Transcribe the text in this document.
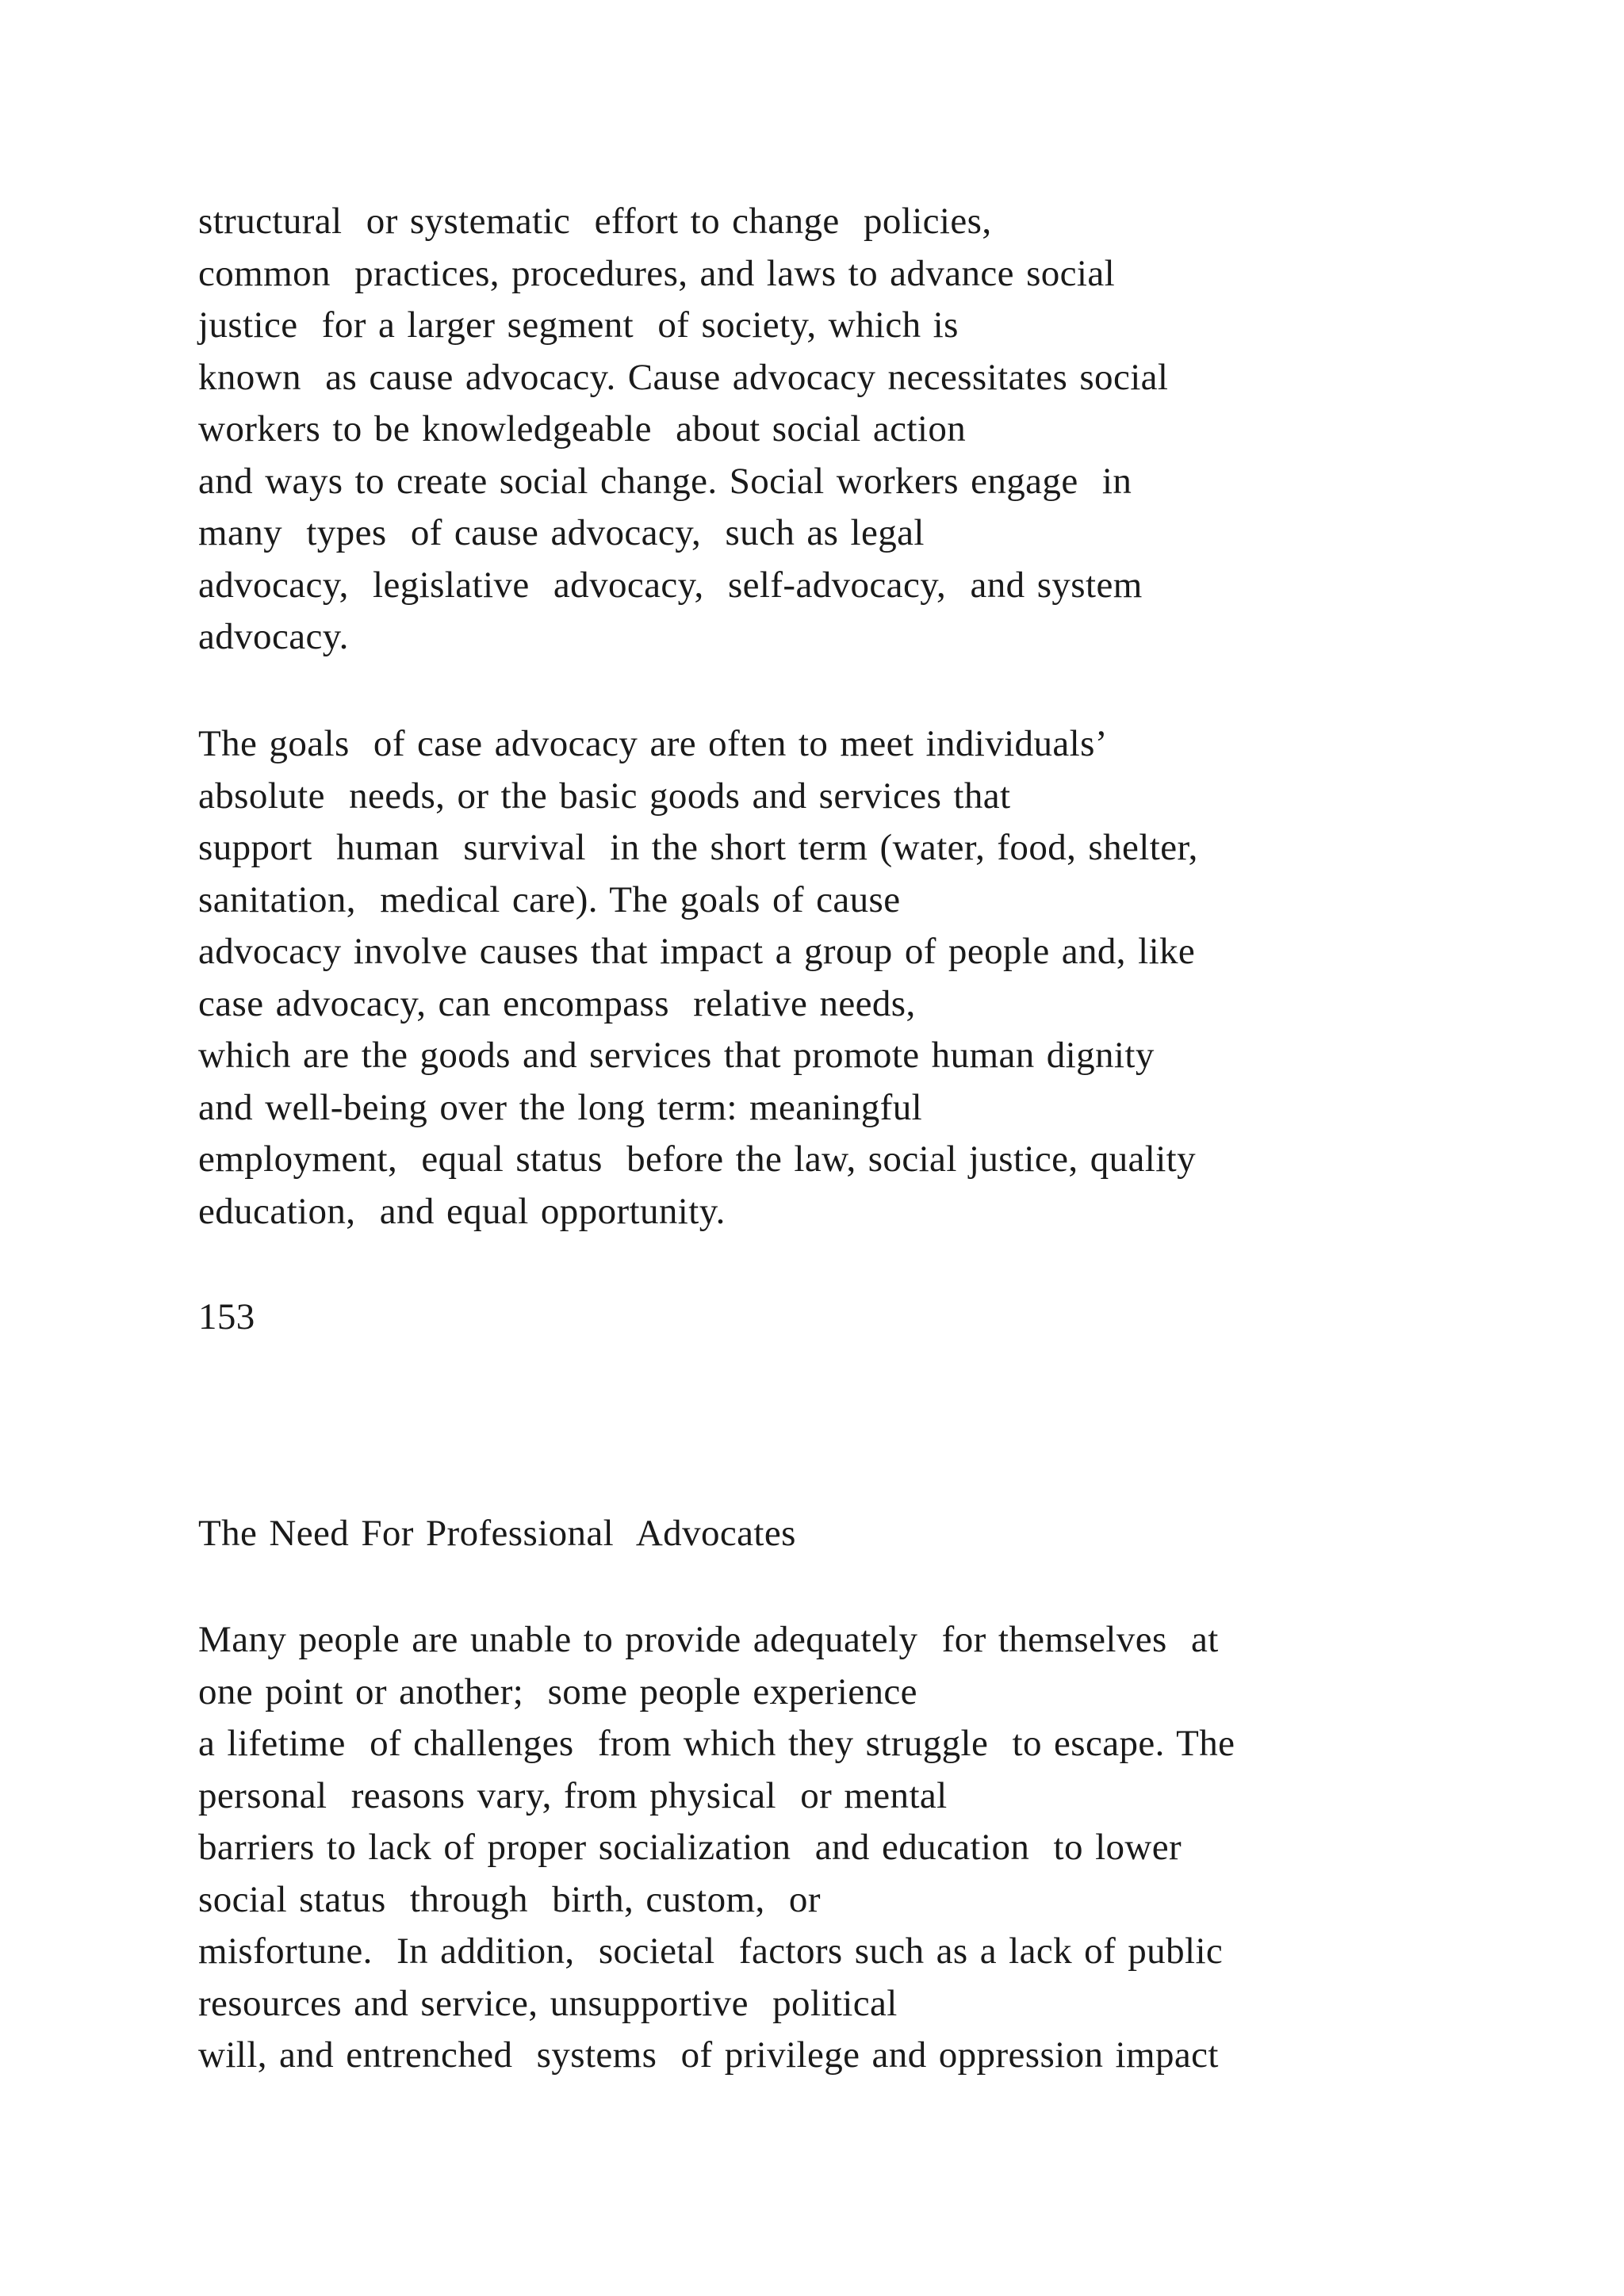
structural  or systematic  effort to change  policies,
common  practices, procedures, and laws to advance social
justice  for a larger segment  of society, which is
known  as cause advocacy. Cause advocacy necessitates social
workers to be knowledgeable  about social action
and ways to create social change. Social workers engage  in
many  types  of cause advocacy,  such as legal
advocacy,  legislative  advocacy,  self-advocacy,  and system
advocacy.
The goals  of case advocacy are often to meet individuals’
absolute  needs, or the basic goods and services that
support  human  survival  in the short term (water, food, shelter,
sanitation,  medical care). The goals of cause
advocacy involve causes that impact a group of people and, like
case advocacy, can encompass  relative needs,
which are the goods and services that promote human dignity
and well-being over the long term: meaningful
employment,  equal status  before the law, social justice, quality
education,  and equal opportunity.
153
The Need For Professional  Advocates
Many people are unable to provide adequately  for themselves  at
one point or another;  some people experience
a lifetime  of challenges  from which they struggle  to escape. The
personal  reasons vary, from physical  or mental
barriers to lack of proper socialization  and education  to lower
social status  through  birth, custom,  or
misfortune.  In addition,  societal  factors such as a lack of public
resources and service, unsupportive  political
will, and entrenched  systems  of privilege and oppression impact
